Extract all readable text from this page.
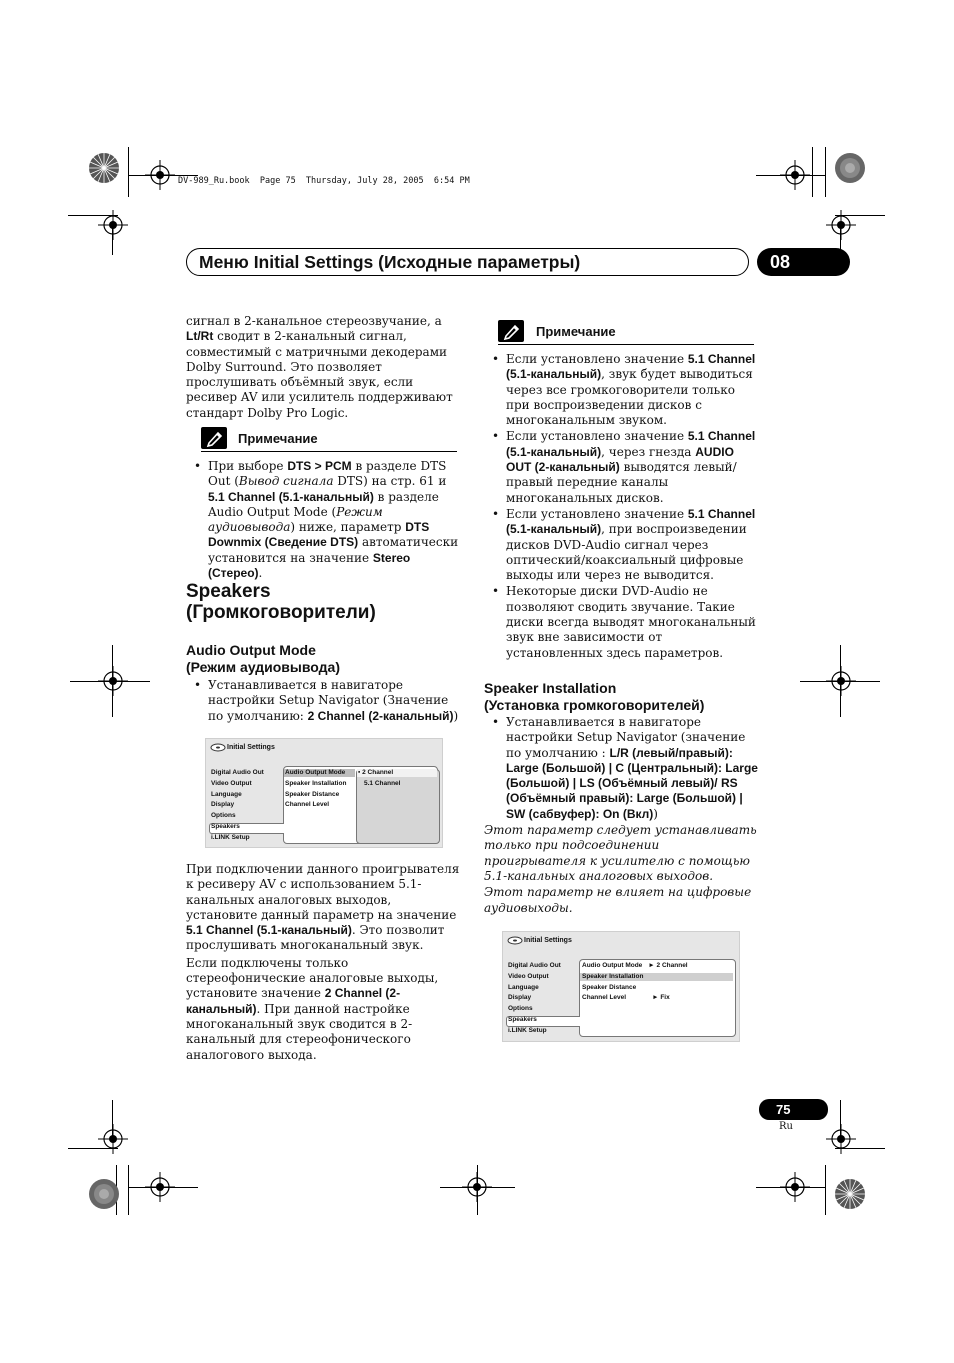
DV-989_Ru.book  Page 75  Thursday, July 28, 2005  6:54 PM
Меню Initial Settings (Исходные параметры)	08
сигнал в 2-канальное стереозвучание, а Lt/Rt сводит в 2-канальный сигнал, совместимый с матричными декодерами Dolby Surround. Это позволяет прослушивать объёмный звук, если ресивер AV или усилитель поддерживают стандарт Dolby Pro Logic.
Примечание
• При выборе DTS > PCM в разделе DTS Out (Вывод сигнала DTS) на стр. 61 и 5.1 Channel (5.1-канальный) в разделе Audio Output Mode (Режим аудиовывода) ниже, параметр DTS Downmix (Сведение DTS) автоматически установится на значение Stereo (Стерео).
Speakers
(Громкоговорители)
Audio Output Mode
(Режим аудиовывода)
• Устанавливается в навигаторе настройки Setup Navigator (Значение по умолчанию: 2 Channel (2-канальный))
Initial Settings
Digital Audio Out
Video Output
Language
Display
Options
Speakers
i.LINK Setup
Audio Output Mode
Speaker Installation
Speaker Distance
Channel Level
▪ 2 Channel
5.1 Channel
При подключении данного проигрывателя к ресиверу AV с использованием 5.1-канальных аналоговых выходов, установите данный параметр на значение 5.1 Channel (5.1-канальный). Это позволит прослушивать многоканальный звук.
Если подключены только стереофонические аналоговые выходы, установите значение 2 Channel (2-канальный). При данной настройке многоканальный звук сводится в 2-канальный для стереофонического аналогового выхода.
Примечание
• Если установлено значение 5.1 Channel (5.1-канальный), звук будет выводиться через все громкоговорители только при воспроизведении дисков с многоканальным звуком.
• Если установлено значение 5.1 Channel (5.1-канальный), через гнезда AUDIO OUT (2-канальный) выводятся левый/правый передние каналы многоканальных дисков.
• Если установлено значение 5.1 Channel (5.1-канальный), при воспроизведении дисков DVD-Audio сигнал через оптический/коаксиальный цифровые выходы или через не выводится.
• Некоторые диски DVD-Audio не позволяют сводить звучание. Такие диски всегда выводят многоканальный звук вне зависимости от установленных здесь параметров.
Speaker Installation
(Установка громкоговорителей)
• Устанавливается в навигаторе настройки Setup Navigator (значение по умолчанию : L/R (левый/правый): Large (Большой) | C (Центральный): Large (Большой) | LS (Объёмный левый)/ RS (Объёмный правый): Large (Большой) | SW (сабвуфер): On (Вкл))
Этот параметр следует устанавливать только при подсоединении проигрывателя к усилителю с помощью 5.1-канальных аналоговых выходов.
Этот параметр не влияет на цифровые аудиовыходы.
Initial Settings
Digital Audio Out
Video Output
Language
Display
Options
Speakers
i.LINK Setup
Audio Output Mode ► 2 Channel
Speaker Installation
Speaker Distance
Channel Level	► Fix
75
Ru
